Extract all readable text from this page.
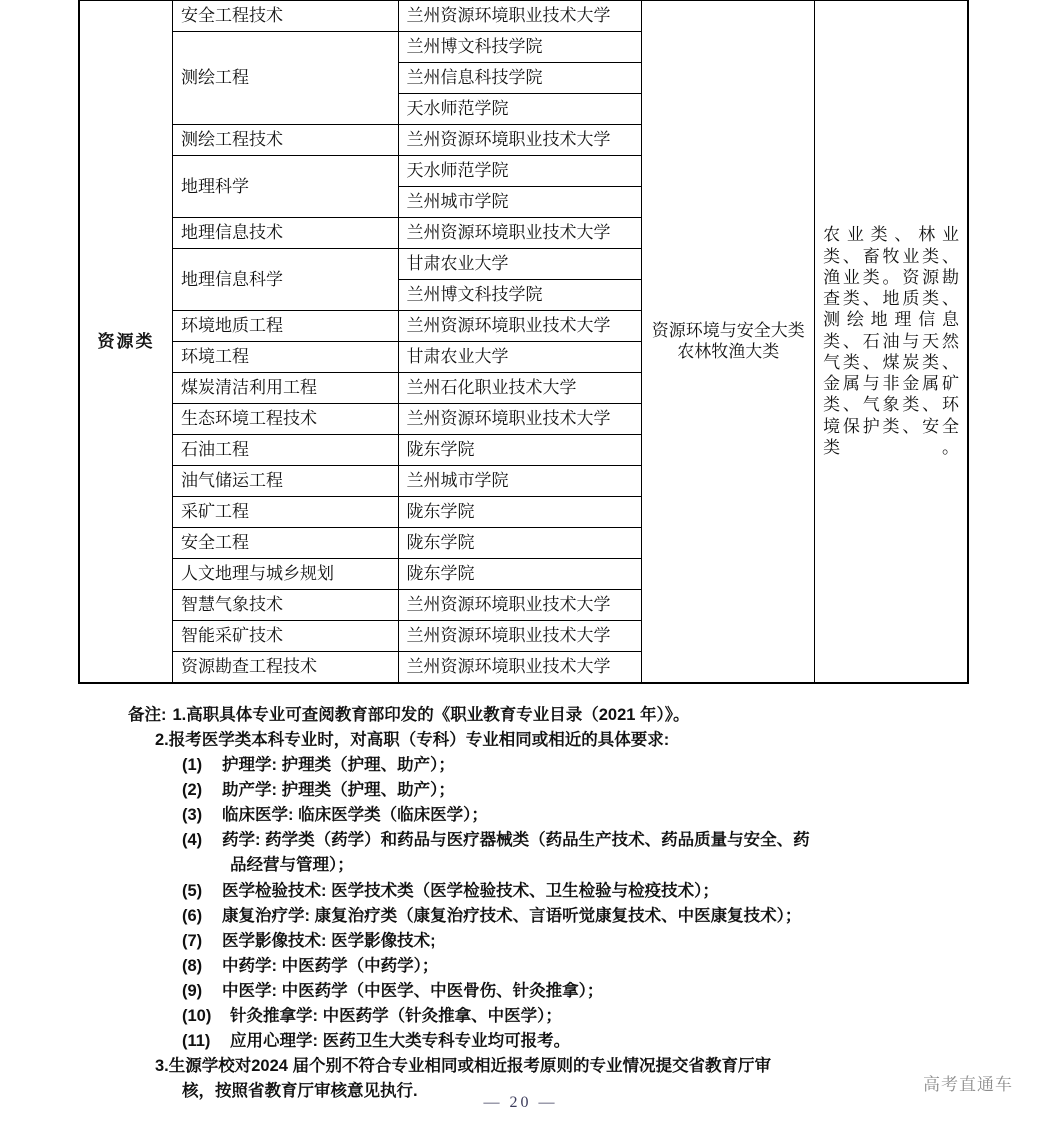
资源类	安全工程技术	兰州资源环境职业技术大学	资源环境与安全大类
农林牧渔大类	农业类、林业类、畜牧业类、渔业类。资源勘查类、地质类、测绘地理信息类、石油与天然气类、煤炭类、金属与非金属矿类、气象类、环境保护类、安全类。

	测绘工程	兰州博文科技学院		
		兰州信息科技学院		
		天水师范学院		
	测绘工程技术	兰州资源环境职业技术大学		
	地理科学	天水师范学院		
		兰州城市学院		
	地理信息技术	兰州资源环境职业技术大学		
	地理信息科学	甘肃农业大学		
		兰州博文科技学院		
	环境地质工程	兰州资源环境职业技术大学		
	环境工程	甘肃农业大学		
	煤炭清洁利用工程	兰州石化职业技术大学		
	生态环境工程技术	兰州资源环境职业技术大学		
	石油工程	陇东学院		
	油气储运工程	兰州城市学院		
	采矿工程	陇东学院		
	安全工程	陇东学院		
	人文地理与城乡规划	陇东学院		
	智慧气象技术	兰州资源环境职业技术大学		
	智能采矿技术	兰州资源环境职业技术大学		
	资源勘查工程技术	兰州资源环境职业技术大学		
备注: 1.高职具体专业可查阅教育部印发的《职业教育专业目录（2021 年）》。
2.报考医学类本科专业时，对高职（专科）专业相同或相近的具体要求:
(1) 护理学: 护理类（护理、助产）；
(2) 助产学: 护理类（护理、助产）；
(3) 临床医学: 临床医学类（临床医学）；
(4) 药学: 药学类（药学）和药品与医疗器械类（药品生产技术、药品质量与安全、药
品经营与管理）；
(5) 医学检验技术: 医学技术类（医学检验技术、卫生检验与检疫技术）；
(6) 康复治疗学: 康复治疗类（康复治疗技术、言语听觉康复技术、中医康复技术）；
(7) 医学影像技术: 医学影像技术;
(8) 中药学: 中医药学（中药学）；
(9) 中医学: 中医药学（中医学、中医骨伤、针灸推拿）；
(10) 针灸推拿学: 中医药学（针灸推拿、中医学）；
(11) 应用心理学: 医药卫生大类专科专业均可报考。
3.生源学校对2024 届个别不符合专业相同或相近报考原则的专业情况提交省教育厅审
核，按照省教育厅审核意见执行.	高考直通车
— 20 —
